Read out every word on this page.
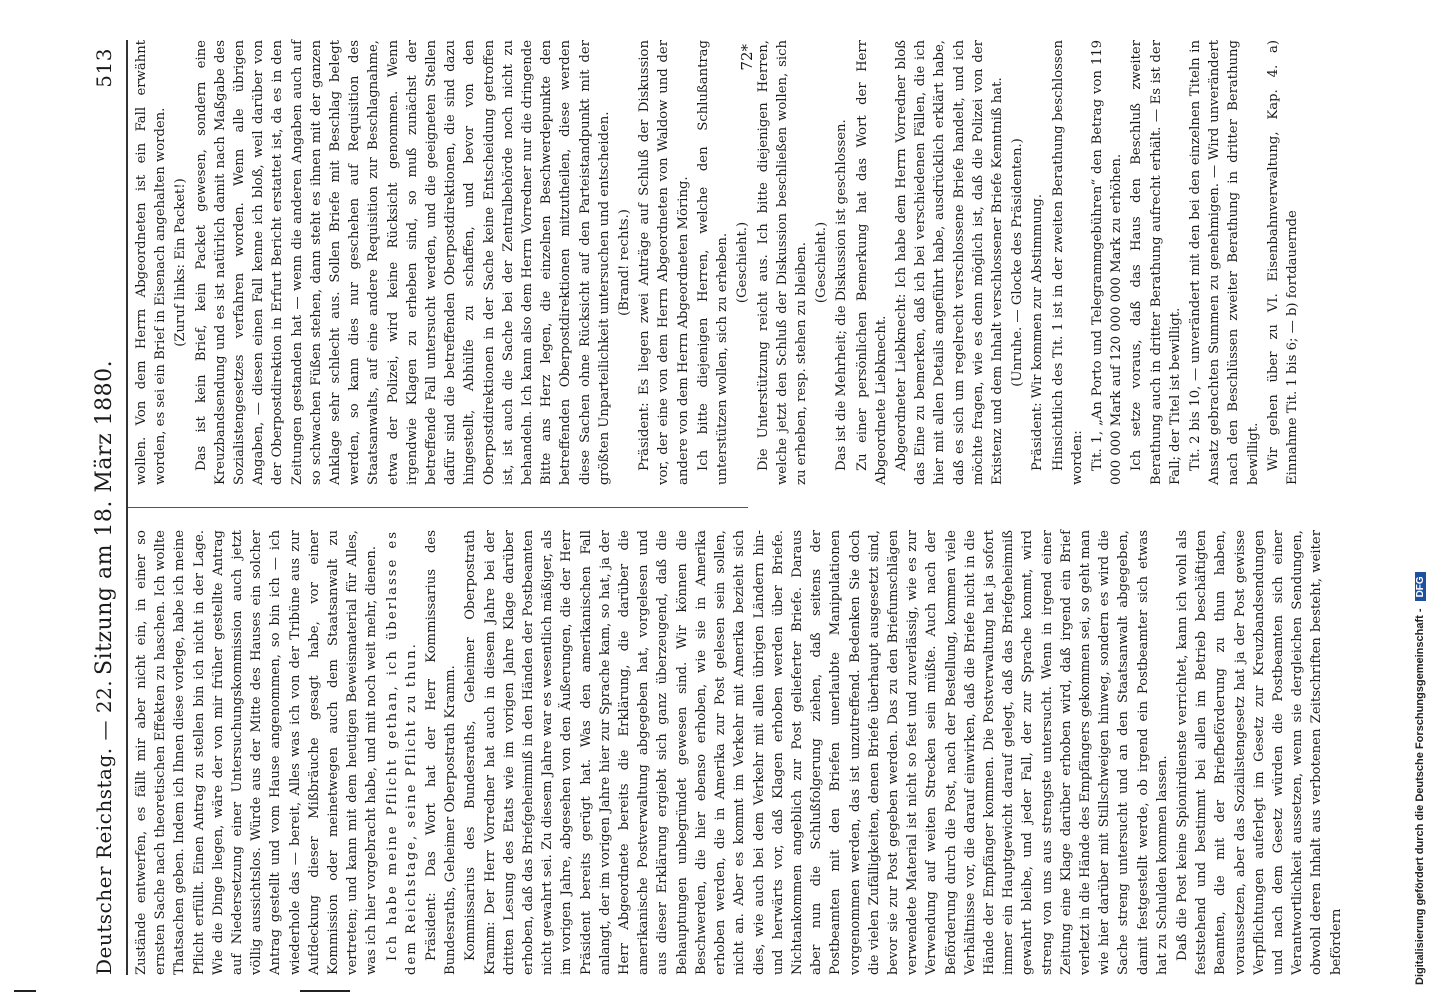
Deutscher Reichstag. — 22.
Sitzung am 18. März 1880.
513

Zustände entwerfen, es fällt mir aber nicht ein, in einer so ernsten Sache nach theoretischen Effekten zu haschen. Ich wollte Thatsachen geben. Indem ich Ihnen diese vorlege, habe ich meine Pflicht erfüllt. Einen Antrag zu stellen bin ich nicht in der Lage. Wie die Dinge liegen, wäre der von mir früher gestellte Antrag auf Niedersetzung einer Untersuchungskommission auch jetzt völlig aussichtslos. Würde aus der Mitte des Hauses ein solcher Antrag gestellt und vom Hause angenommen, so bin ich — ich wiederhole das — bereit, Alles was ich von der Tribüne aus zur Aufdeckung dieser Mißbräuche gesagt habe, vor einer Kommission oder meinetwegen auch dem Staatsanwalt zu vertreten; und kann mit dem heutigen Beweismaterial für Alles, was ich hier vorgebracht habe, und mit noch weit mehr, dienen. Ich habe meine Pflicht gethan, ich überlasse es dem Reichstage, seine Pflicht zu thun. Präsident: Das Wort hat der Herr Kommissarius des Bundesraths, Geheimer Oberpostrath Kramm. Kommissarius des Bundesraths, Geheimer Oberpostrath Kramm: Der Herr Vorredner hat auch in diesem Jahre bei der dritten Lesung des Etats wie im vorigen Jahre Klage darüber erhoben, daß das Briefgeheimniß in den Händen der Postbeamten nicht gewahrt sei. Zu diesem Jahre war es wesentlich mäßiger, als im vorigen Jahre, abgesehen von den Äußerungen, die der Herr Präsident bereits gerügt hat. Was den amerikanischen Fall anlangt, der im vorigen Jahre hier zur Sprache kam, so hat, ja der Herr Abgeordnete bereits die Erklärung, die darüber die amerikanische Postverwaltung abgegeben hat, vorgelesen und aus dieser Erklärung ergiebt sich ganz überzeugend, daß die Behauptungen unbegründet gewesen sind. Wir können die Beschwerden, die hier ebenso erhoben, wie sie in Amerika erhoben werden, die in Amerika zur Post gelesen sein sollen, nicht an. Aber es kommt im Verkehr mit Amerika bezieht sich dies, wie auch bei dem Verkehr mit allen übrigen Ländern hin- und herwärts vor, daß Klagen erhoben werden über Briefe. Nichtankommen angeblich zur Post gelieferter Briefe. Daraus aber nun die Schlußfolgerung ziehen, daß seitens der Postbeamten mit den Briefen unerlaubte Manipulationen vorgenommen werden, das ist unzutreffend. Bedenken Sie doch die vielen Zufälligkeiten, denen Briefe überhaupt ausgesetzt sind, bevor sie zur Post gegeben werden. Das zu den Briefumschlägen verwendete Material ist nicht so fest und zuverlässig, wie es zur Verwendung auf weiten Strecken sein müßte. Auch nach der Beförderung durch die Post, nach der Bestellung, kommen viele Verhältnisse vor, die darauf einwirken, daß die Briefe nicht in die Hände der Empfänger kommen. Die Postverwaltung hat ja sofort immer ein Hauptgewicht darauf gelegt, daß das Briefgeheimniß gewahrt bleibe, und jeder Fall, der zur Sprache kommt, wird streng von uns aus strengste untersucht. Wenn in irgend einer Zeitung eine Klage darüber erhoben wird, daß irgend ein Brief verletzt in die Hände des Empfängers gekommen sei, so geht man wie hier darüber mit Stillschweigen hinweg, sondern es wird die Sache streng untersucht und an den Staatsanwalt abgegeben, damit festgestellt werde, ob irgend ein Postbeamter sich etwas hat zu Schulden kommen lassen. Daß die Post keine Spionirdienste verrichtet, kann ich wohl als feststehend und bestimmt bei allen im Betrieb beschäftigten Beamten, die mit der Briefbeförderung zu thun haben, voraussetzen, aber das Sozialistengesetz hat ja der Post gewisse Verpflichtungen auferlegt im Gesetz zur Kreuzbandsendungen und nach dem Gesetz würden die Postbeamten sich einer Verantwortlichkeit aussetzen, wenn sie dergleichen Sendungen, obwohl deren Inhalt aus verbotenen Zeitschriften besteht, weiter befördern

wollen. Von dem Herrn Abgeordneten ist ein Fall erwähnt worden, es sei ein Brief in Eisenach angehalten worden. (Zuruf links: Ein Packet!) Das ist kein Brief, kein Packet gewesen, sondern eine Kreuzbandsendung und es ist natürlich damit nach Maßgabe des Sozialistengesetzes verfahren worden. Wenn alle übrigen Angaben, — diesen einen Fall kenne ich bloß, weil darüber von der Oberpostdirektion in Erfurt Bericht erstattet ist, da es in den Zeitungen gestanden hat — wenn die anderen Angaben auch auf so schwachen Füßen stehen, dann steht es ihnen mit der ganzen Anklage sehr schlecht aus. Sollen Briefe mit Beschlag belegt werden, so kann dies nur geschehen auf Requisition des Staatsanwalts, auf eine andere Requisition zur Beschlagnahme, etwa der Polizei, wird keine Rücksicht genommen. Wenn irgendwie Klagen zu erheben sind, so muß zunächst der betreffende Fall untersucht werden, und die geeigneten Stellen dafür sind die betreffenden Oberpostdirektionen, die sind dazu hingestellt, Abhülfe zu schaffen, und bevor von den Oberpostdirektionen in der Sache keine Entscheidung getroffen ist, ist auch die Sache bei der Zentralbehörde noch nicht zu behandeln. Ich kann also dem Herrn Vorredner nur die dringende Bitte ans Herz legen, die einzelnen Beschwerdepunkte den betreffenden Oberpostdirektionen mitzutheilen, diese werden diese Sachen ohne Rücksicht auf den Parteistandpunkt mit der größten Unparteilichkeit untersuchen und entscheiden. (Brand! rechts.) Präsident: Es liegen zwei Anträge auf Schluß der Diskussion vor, der eine von dem Herrn Abgeordneten von Waldow und der andere von dem Herrn Abgeordneten Möring. Ich bitte diejenigen Herren, welche den Schlußantrag unterstützen wollen, sich zu erheben. (Geschieht.) Die Unterstützung reicht aus. Ich bitte diejenigen Herren, welche jetzt den Schluß der Diskussion beschließen wollen, sich zu erheben, resp. stehen zu bleiben. (Geschieht.) Das ist die Mehrheit; die Diskussion ist geschlossen. Zu einer persönlichen Bemerkung hat das Wort der Herr Abgeordnete Liebknecht. Abgeordneter Liebknecht: Ich habe dem Herrn Vorredner bloß das Eine zu bemerken, daß ich bei verschiedenen Fällen, die ich hier mit allen Details angeführt habe, ausdrücklich erklärt habe, daß es sich um regelrecht verschlossene Briefe handelt, und ich möchte fragen, wie es denn möglich ist, daß die Polizei von der Existenz und dem Inhalt verschlossener Briefe Kenntniß hat. (Unruhe. — Glocke des Präsidenten.) Präsident: Wir kommen zur Abstimmung. Hinsichtlich des Tit. 1 ist in der zweiten Berathung beschlossen worden: Tit. 1, „An Porto und Telegrammgebühren“ den Betrag von 119 000 000 Mark auf 120 000 000 Mark zu erhöhen. Ich setze voraus, daß das Haus den Beschluß zweiter Berathung auch in dritter Berathung aufrecht erhält. — Es ist der Fall; der Titel ist bewilligt. Tit. 2 bis 10, — unverändert mit den bei den einzelnen Titeln in Ansatz gebrachten Summen zu genehmigen. — Wird unverändert nach den Beschlüssen zweiter Berathung in dritter Berathung bewilligt. Wir gehen über zu VI. Eisenbahnverwaltung, Kap. 4. a) Einnahme Tit. 1 bis 6; — b) fortdauernde

72*
Digitalisierung gefördert durch die Deutsche Forschungsgemeinschaft - DFG
